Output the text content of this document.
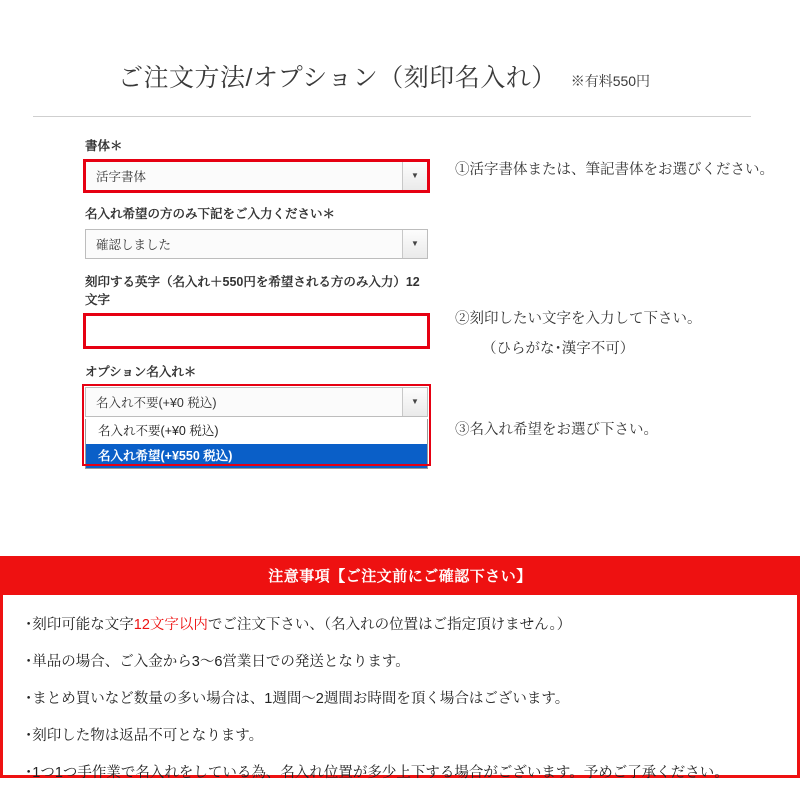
ご注文方法/オプション（刻印名入れ） ※有料550円
書体＊
活字書体	▼
名入れ希望の方のみ下記をご入力ください＊
確認しました	▼
刻印する英字（名入れ＋550円を希望される方のみ入力）12文字
オプション名入れ＊
名入れ不要(+¥0 税込)	▼
名入れ不要(+¥0 税込)
名入れ希望(+¥550 税込)
①活字書体または、筆記書体をお選びください。
②刻印したい文字を入力して下さい。
（ひらがな･漢字不可）
③名入れ希望をお選び下さい。
注意事項【ご注文前にご確認下さい】
･刻印可能な文字12文字以内でご注文下さい、（名入れの位置はご指定頂けません。）
･単品の場合、ご入金から3〜6営業日での発送となります。
･まとめ買いなど数量の多い場合は、1週間〜2週間お時間を頂く場合はございます。
･刻印した物は返品不可となります。
･1つ1つ手作業で名入れをしている為、名入れ位置が多少上下する場合がございます。予めご了承ください。
